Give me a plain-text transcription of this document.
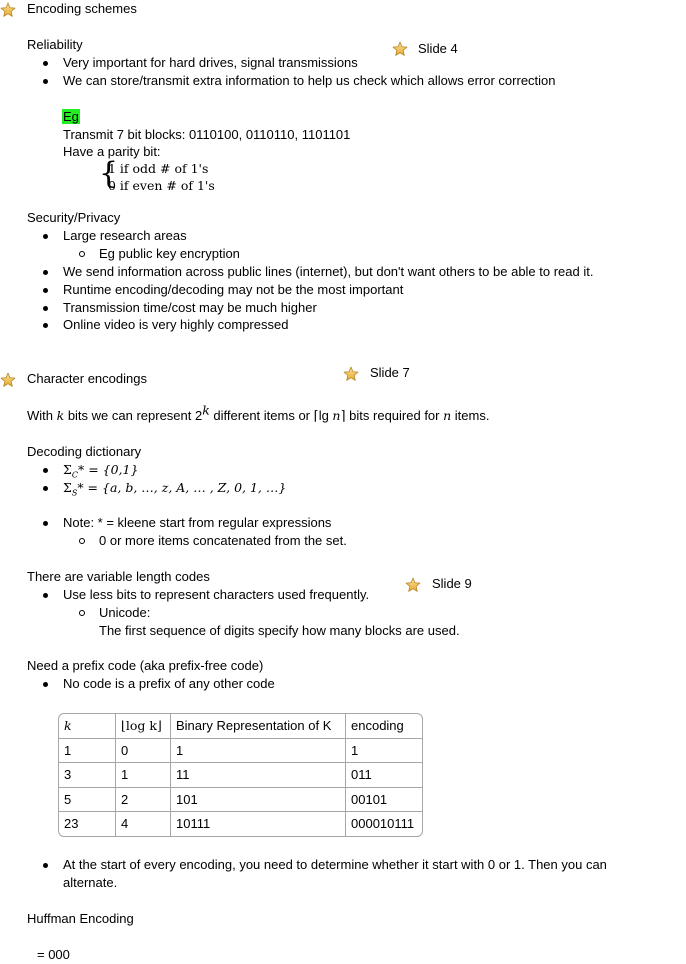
Encoding schemes
Reliability	Slide 4
Very important for hard drives, signal transmissions
We can store/transmit extra information to help us check which allows error correction
Eg
Transmit 7 bit blocks: 0110100, 0110110, 1101101
Have a parity bit:
{
1 if odd # of 1's
0 if even # of 1's
Security/Privacy
Large research areas
Eg public key encryption
We send information across public lines (internet), but don't want others to be able to read it.
Runtime encoding/decoding may not be the most important
Transmission time/cost may be much higher
Online video is very highly compressed
Character encodings	Slide 7
With k bits we can represent 2$^k$ different items or ⌈lg n⌉ bits required for n items.
Decoding dictionary
$\Sigma_C* = \{0,1\}$
$\Sigma_S* = \{a$, b, …, z, A, … , Z, 0, 1, …}
Note: * = kleene start from regular expressions
0 or more items concatenated from the set.
There are variable length codes	Slide 9
Use less bits to represent characters used frequently.
Unicode:
The first sequence of digits specify how many blocks are used.
Need a prefix code (aka prefix-free code)
No code is a prefix of any other code
k	⌊log k⌋	Binary Representation of K	encoding
1	0	1	1
3	1	11	011
5	2	101	00101
23	4	10111	000010111
At the start of every encoding, you need to determine whether it start with 0 or 1. Then you can
alternate.
Huffman Encoding
= 000
